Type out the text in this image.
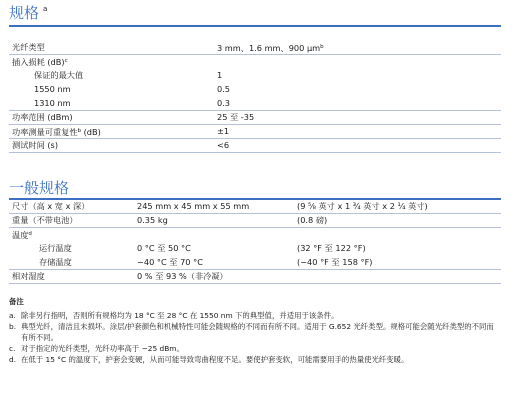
规格 $^a$
光纤类型	3 mm、1.6 mm、900 µm$^b$
插入损耗 (dB)$^c$
保证的最大值	1
1550 nm	0.5
1310 nm	0.3
功率范围 (dBm)	25 至 -35
功率测量可重复性$^b$ (dB)	±1
测试时间 (s)	<6
一般规格
尺寸（高 x 宽 x 深）	245 mm x 45 mm x 55 mm	(9 ⁵⁄₈ 英寸 x 1 ³⁄₄ 英寸 x 2 ¹⁄₄ 英寸)
重量（不带电池）	0.35 kg	(0.8 磅)
温度$^d$
运行温度	0 °C 至 50 °C	(32 °F 至 122 °F)
存储温度	−40 °C 至 70 °C	(−40 °F 至 158 °F)
相对湿度	0 % 至 93 %（非冷凝）
备注
a. 除非另行指明，否则所有规格均为 18 °C 至 28 °C 在 1550 nm 下的典型值，并适用于该条件。
b. 典型光纤，清洁且未损坏。涂层/护套颜色和机械特性可能会随规格的不同而有所不同。适用于 G.652 光纤类型。规格可能会随光纤类型的不同而有所不同。
c. 对于指定的光纤类型，光纤功率高于 −25 dBm。
d. 在低于 15 °C 的温度下，护套会变硬，从而可能导致弯曲程度不足。要使护套变软，可能需要用手的热量使光纤变暖。
